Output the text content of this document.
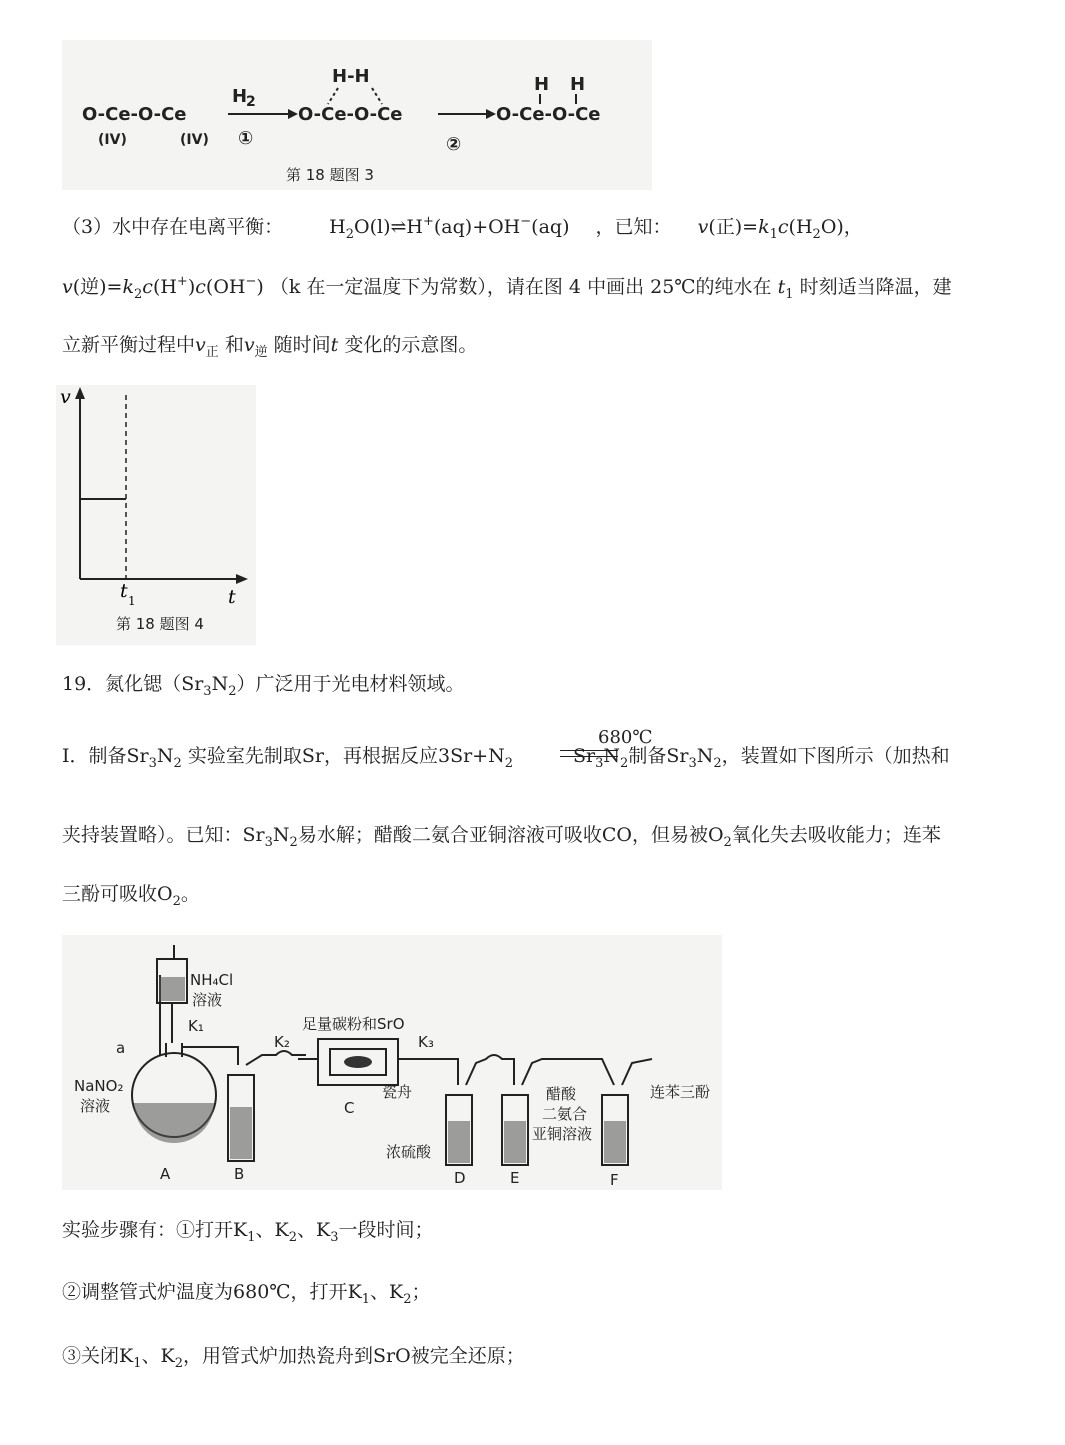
O-Ce-O-Ce
(IV)	(IV)
H
2
①
O-Ce-O-Ce
H-H
②
O-Ce-O-Ce
H H
第 18 题图 3
（3）水中存在电离平衡： $H_2O(l)\rightleftharpoons H^+(aq)+OH^-(aq)$ ，已知： v(正)$=k_1c(H_2O)$，
v(逆)$=k_2c(H^+)c(OH^-)$ （k 在一定温度下为常数），请在图 4 中画出 25℃的纯水在 $t_1$ 时刻适当降温，建
立新平衡过程中$v_正$ 和$v_逆$ 随时间t 变化的示意图。
v
t
t 1
第 18 题图 4
19．氮化锶$(Sr_3N_2)$广泛用于光电材料领域。
680℃
Ⅰ．制备$Sr_3N_2$ 实验室先制取Sr，再根据反应$3Sr+N_2$	$Sr_3N_2$制备$Sr_3N_2$，装置如下图所示（加热和
夹持装置略）。已知：$Sr_3N_2$易水解；醋酸二氨合亚铜溶液可吸收CO，但易被$O_2$氧化失去吸收能力；连苯
三酚可吸收$O_2$。
NH₄Cl
溶液
K₁
a
NaNO₂
溶液
K₂
足量碳粉和SrO
K₃
C
瓷舟
浓硫酸
醋酸
二氨合
亚铜溶液
连苯三酚
A	B	D	E	F
实验步骤有：①打开$K_1$、$K_2$、$K_3$一段时间；
②调整管式炉温度为680℃，打开$K_1$、$K_2$；
③关闭$K_1$、$K_2$，用管式炉加热瓷舟到SrO被完全还原；
